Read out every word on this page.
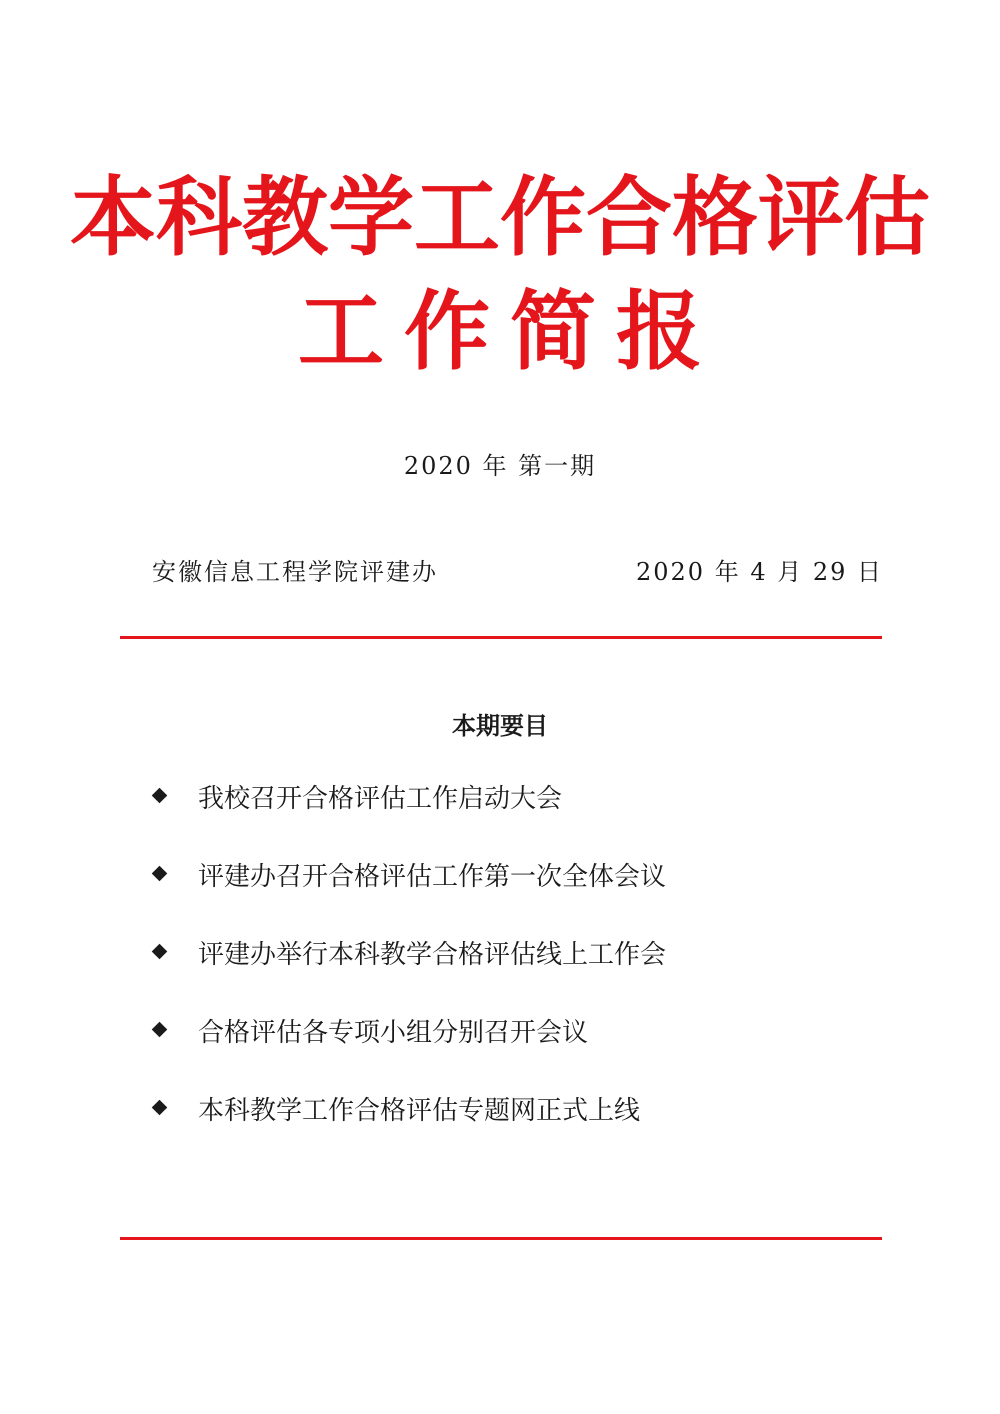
本科教学工作合格评估
工作简报
2020 年 第一期
安徽信息工程学院评建办	2020 年 4 月 29 日
本期要目
我校召开合格评估工作启动大会
评建办召开合格评估工作第一次全体会议
评建办举行本科教学合格评估线上工作会
合格评估各专项小组分别召开会议
本科教学工作合格评估专题网正式上线
